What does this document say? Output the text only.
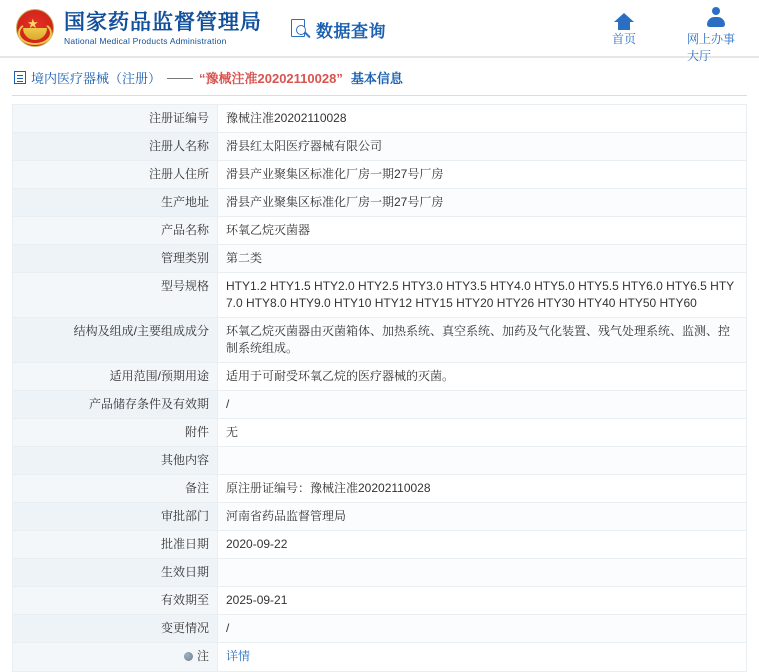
★ 国家药品监督管理局
National Medical Products Administration	数据查询	首页	网上办事大厅
境内医疗器械（注册） —— “豫械注准20202110028” 基本信息
注册证编号	豫械注准20202110028
注册人名称	滑县红太阳医疗器械有限公司
注册人住所	滑县产业聚集区标准化厂房一期27号厂房
生产地址	滑县产业聚集区标准化厂房一期27号厂房
产品名称	环氧乙烷灭菌器
管理类别	第二类
型号规格	HTY1.2 HTY1.5 HTY2.0 HTY2.5 HTY3.0 HTY3.5 HTY4.0 HTY5.0 HTY5.5 HTY6.0 HTY6.5 HTY7.0 HTY8.0 HTY9.0 HTY10 HTY12 HTY15 HTY20 HTY26 HTY30 HTY40 HTY50 HTY60
结构及组成/主要组成成分	环氧乙烷灭菌器由灭菌箱体、加热系统、真空系统、加药及气化装置、残气处理系统、监测、控制系统组成。
适用范围/预期用途	适用于可耐受环氧乙烷的医疗器械的灭菌。
产品储存条件及有效期	/
附件	无
其他内容	
备注	原注册证编号：豫械注准20202110028
审批部门	河南省药品监督管理局
批准日期	2020-09-22
生效日期	
有效期至	2025-09-21
变更情况	/

注	详情
